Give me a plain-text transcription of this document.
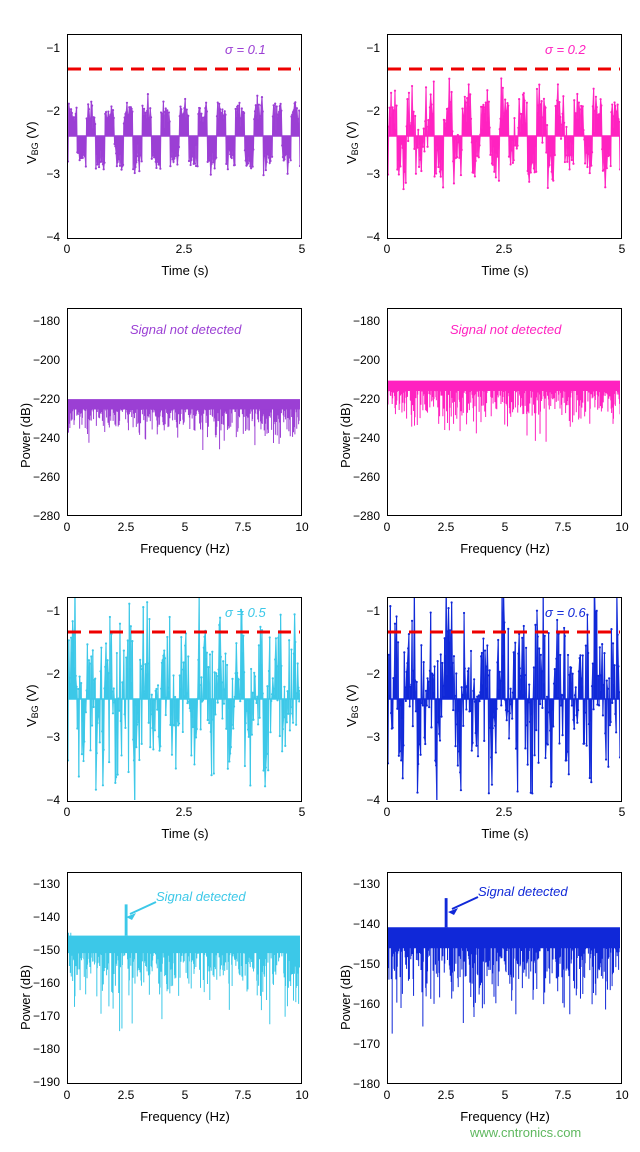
$V_{BG}$ (V)
−1
−2
−3
−4
σ = 0.1
0	2.5	5
Time (s)
$V_{BG}$ (V)
−1
−2
−3
−4
σ = 0.2
0	2.5	5
Time (s)
Power (dB)
−180
−200
−220
−240
−260
−280
Signal not detected
0	2.5	5	7.5	10
Frequency (Hz)
Power (dB)
−180
−200
−220
−240
−260
−280
Signal not detected
0	2.5	5	7.5	10
Frequency (Hz)
$V_{BG}$ (V)
−1
−2
−3
−4
σ = 0.5
0	2.5	5
Time (s)
$V_{BG}$ (V)
−1
−2
−3
−4
σ = 0.6
0	2.5	5
Time (s)
Power (dB)
−130
−140
−150
−160
−170
−180
−190
Signal detected
0	2.5	5	7.5	10
Frequency (Hz)
Power (dB)
−130
−140
−150
−160
−170
−180
Signal detected
0	2.5	5	7.5	10
Frequency (Hz)
www.cntronics.com
